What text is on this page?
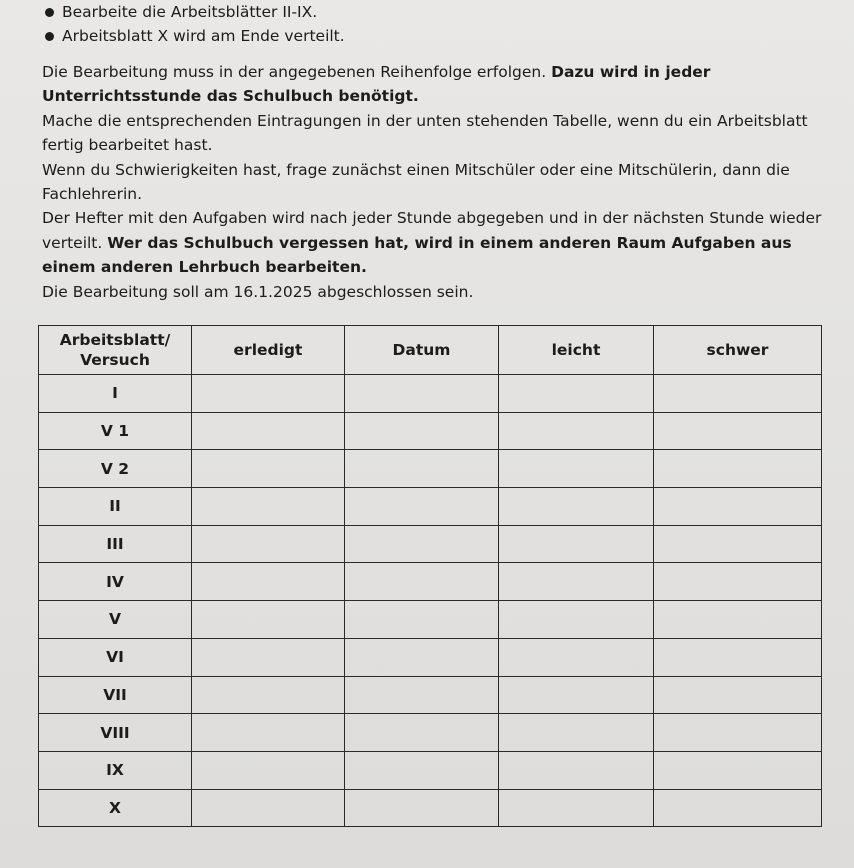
Bearbeite die Arbeitsblätter II-IX.
Arbeitsblatt X wird am Ende verteilt.

Die Bearbeitung muss in der angegebenen Reihenfolge erfolgen. Dazu wird in jeder Unterrichtsstunde das Schulbuch benötigt.

Mache die entsprechenden Eintragungen in der unten stehenden Tabelle, wenn du ein Arbeitsblatt fertig bearbeitet hast.

Wenn du Schwierigkeiten hast, frage zunächst einen Mitschüler oder eine Mitschülerin, dann die Fachlehrerin.

Der Hefter mit den Aufgaben wird nach jeder Stunde abgegeben und in der nächsten Stunde wieder verteilt. Wer das Schulbuch vergessen hat, wird in einem anderen Raum Aufgaben aus einem anderen Lehrbuch bearbeiten.

Die Bearbeitung soll am 16.1.2025 abgeschlossen sein.

Arbeitsblatt/ Versuch	erledigt	Datum	leicht	schwer
I				
V 1				
V 2				
II				
III				
IV				
V				
VI				
VII				
VIII				
IX				
X				
